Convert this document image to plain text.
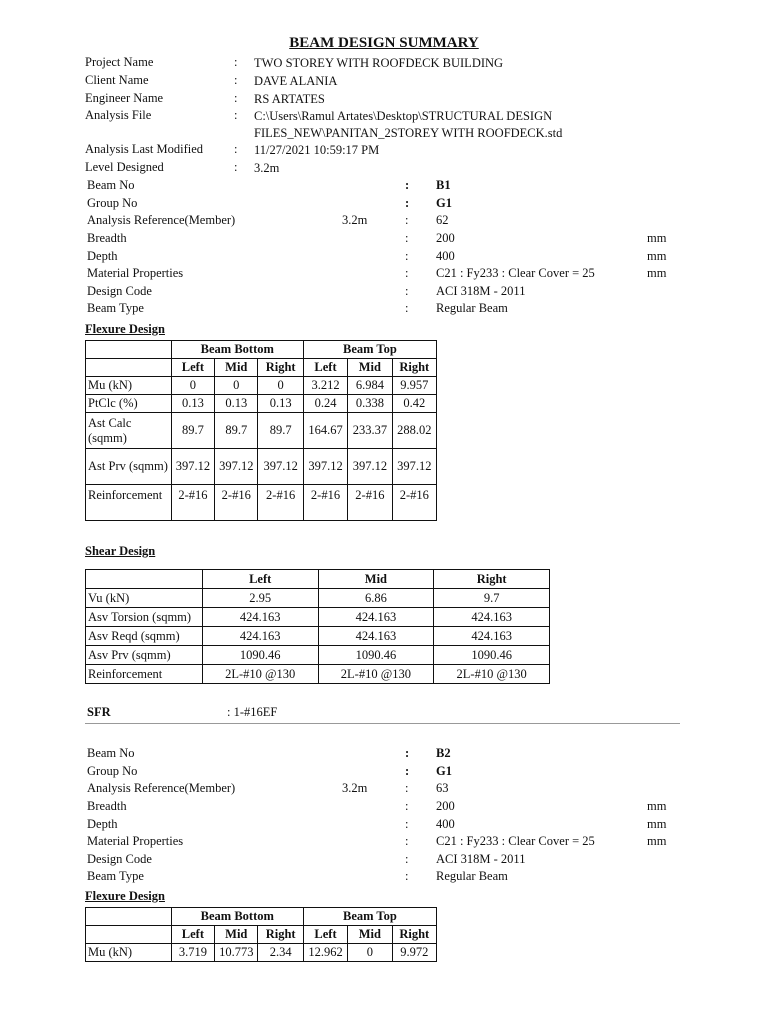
BEAM DESIGN SUMMARY
Project Name	: TWO STOREY WITH ROOFDECK BUILDING
Client Name	: DAVE ALANIA
Engineer Name	: RS ARTATES
Analysis File	: C:\Users\Ramul Artates\Desktop\STRUCTURAL DESIGN
FILES_NEW\PANITAN_2STOREY WITH ROOFDECK.std
Analysis Last Modified : 11/27/2021 10:59:17 PM
Level Designed	: 3.2m
Beam No	: B1
Group No	: G1
Analysis Reference(Member)	3.2m	: 62
Breadth	: 200	mm
Depth	: 400	mm
Material Properties	: C21 : Fy233 : Clear Cover = 25	mm
Design Code	: ACI 318M - 2011
Beam Type	: Regular Beam
Flexure Design
	Beam Bottom			Beam Top		
	Left	Mid	Right	Left	Mid	Right
Mu (kN)	0	0	0	3.212	6.984	9.957
PtClc (%)	0.13	0.13	0.13	0.24	0.338	0.42
Ast Calc (sqmm)	89.7	89.7	89.7	164.67	233.37	288.02
Ast Prv (sqmm)	397.12	397.12	397.12	397.12	397.12	397.12
Reinforcement	2-#16	2-#16	2-#16	2-#16	2-#16	2-#16
Shear Design
	Left	Mid	Right
Vu (kN)	2.95	6.86	9.7
Asv Torsion (sqmm)	424.163	424.163	424.163
Asv Reqd (sqmm)	424.163	424.163	424.163
Asv Prv (sqmm)	1090.46	1090.46	1090.46
Reinforcement	2L-#10 @130	2L-#10 @130	2L-#10 @130
SFR	: 1-#16EF
Beam No	: B2
Group No	: G1
Analysis Reference(Member)	3.2m	: 63
Breadth	: 200	mm
Depth	: 400	mm
Material Properties	: C21 : Fy233 : Clear Cover = 25	mm
Design Code	: ACI 318M - 2011
Beam Type	: Regular Beam
Flexure Design
	Beam Bottom			Beam Top		
	Left	Mid	Right	Left	Mid	Right
Mu (kN)	3.719	10.773	2.34	12.962	0	9.972
